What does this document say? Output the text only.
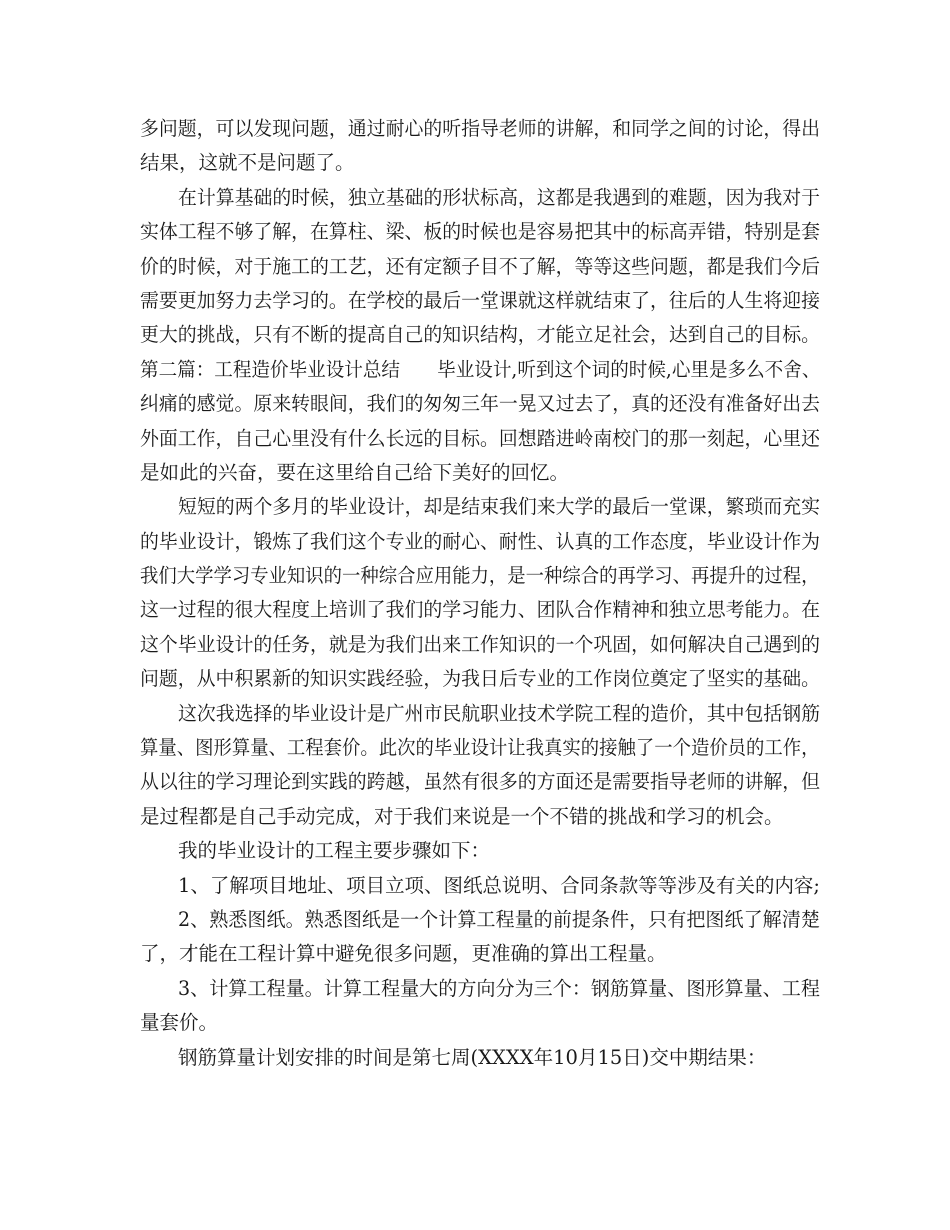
多问题，可以发现问题，通过耐心的听指导老师的讲解，和同学之间的讨论，得出
结果，这就不是问题了。
在计算基础的时候，独立基础的形状标高，这都是我遇到的难题，因为我对于
实体工程不够了解，在算柱、梁、板的时候也是容易把其中的标高弄错，特别是套
价的时候，对于施工的工艺，还有定额子目不了解，等等这些问题，都是我们今后
需要更加努力去学习的。在学校的最后一堂课就这样就结束了，往后的人生将迎接
更大的挑战，只有不断的提高自己的知识结构，才能立足社会，达到自己的目标。
第二篇：工程造价毕业设计总结　　毕业设计,听到这个词的时候,心里是多么不舍、
纠痛的感觉。原来转眼间，我们的匆匆三年一晃又过去了，真的还没有准备好出去
外面工作，自己心里没有什么长远的目标。回想踏进岭南校门的那一刻起，心里还
是如此的兴奋，要在这里给自己给下美好的回忆。
短短的两个多月的毕业设计，却是结束我们来大学的最后一堂课，繁琐而充实
的毕业设计，锻炼了我们这个专业的耐心、耐性、认真的工作态度，毕业设计作为
我们大学学习专业知识的一种综合应用能力，是一种综合的再学习、再提升的过程，
这一过程的很大程度上培训了我们的学习能力、团队合作精神和独立思考能力。在
这个毕业设计的任务，就是为我们出来工作知识的一个巩固，如何解决自己遇到的
问题，从中积累新的知识实践经验，为我日后专业的工作岗位奠定了坚实的基础。
这次我选择的毕业设计是广州市民航职业技术学院工程的造价，其中包括钢筋
算量、图形算量、工程套价。此次的毕业设计让我真实的接触了一个造价员的工作，
从以往的学习理论到实践的跨越，虽然有很多的方面还是需要指导老师的讲解，但
是过程都是自己手动完成，对于我们来说是一个不错的挑战和学习的机会。
我的毕业设计的工程主要步骤如下：
1、了解项目地址、项目立项、图纸总说明、合同条款等等涉及有关的内容;
2、熟悉图纸。熟悉图纸是一个计算工程量的前提条件，只有把图纸了解清楚
了，才能在工程计算中避免很多问题，更准确的算出工程量。
3、计算工程量。计算工程量大的方向分为三个：钢筋算量、图形算量、工程
量套价。
钢筋算量计划安排的时间是第七周(XXXX年10月15日)交中期结果：
